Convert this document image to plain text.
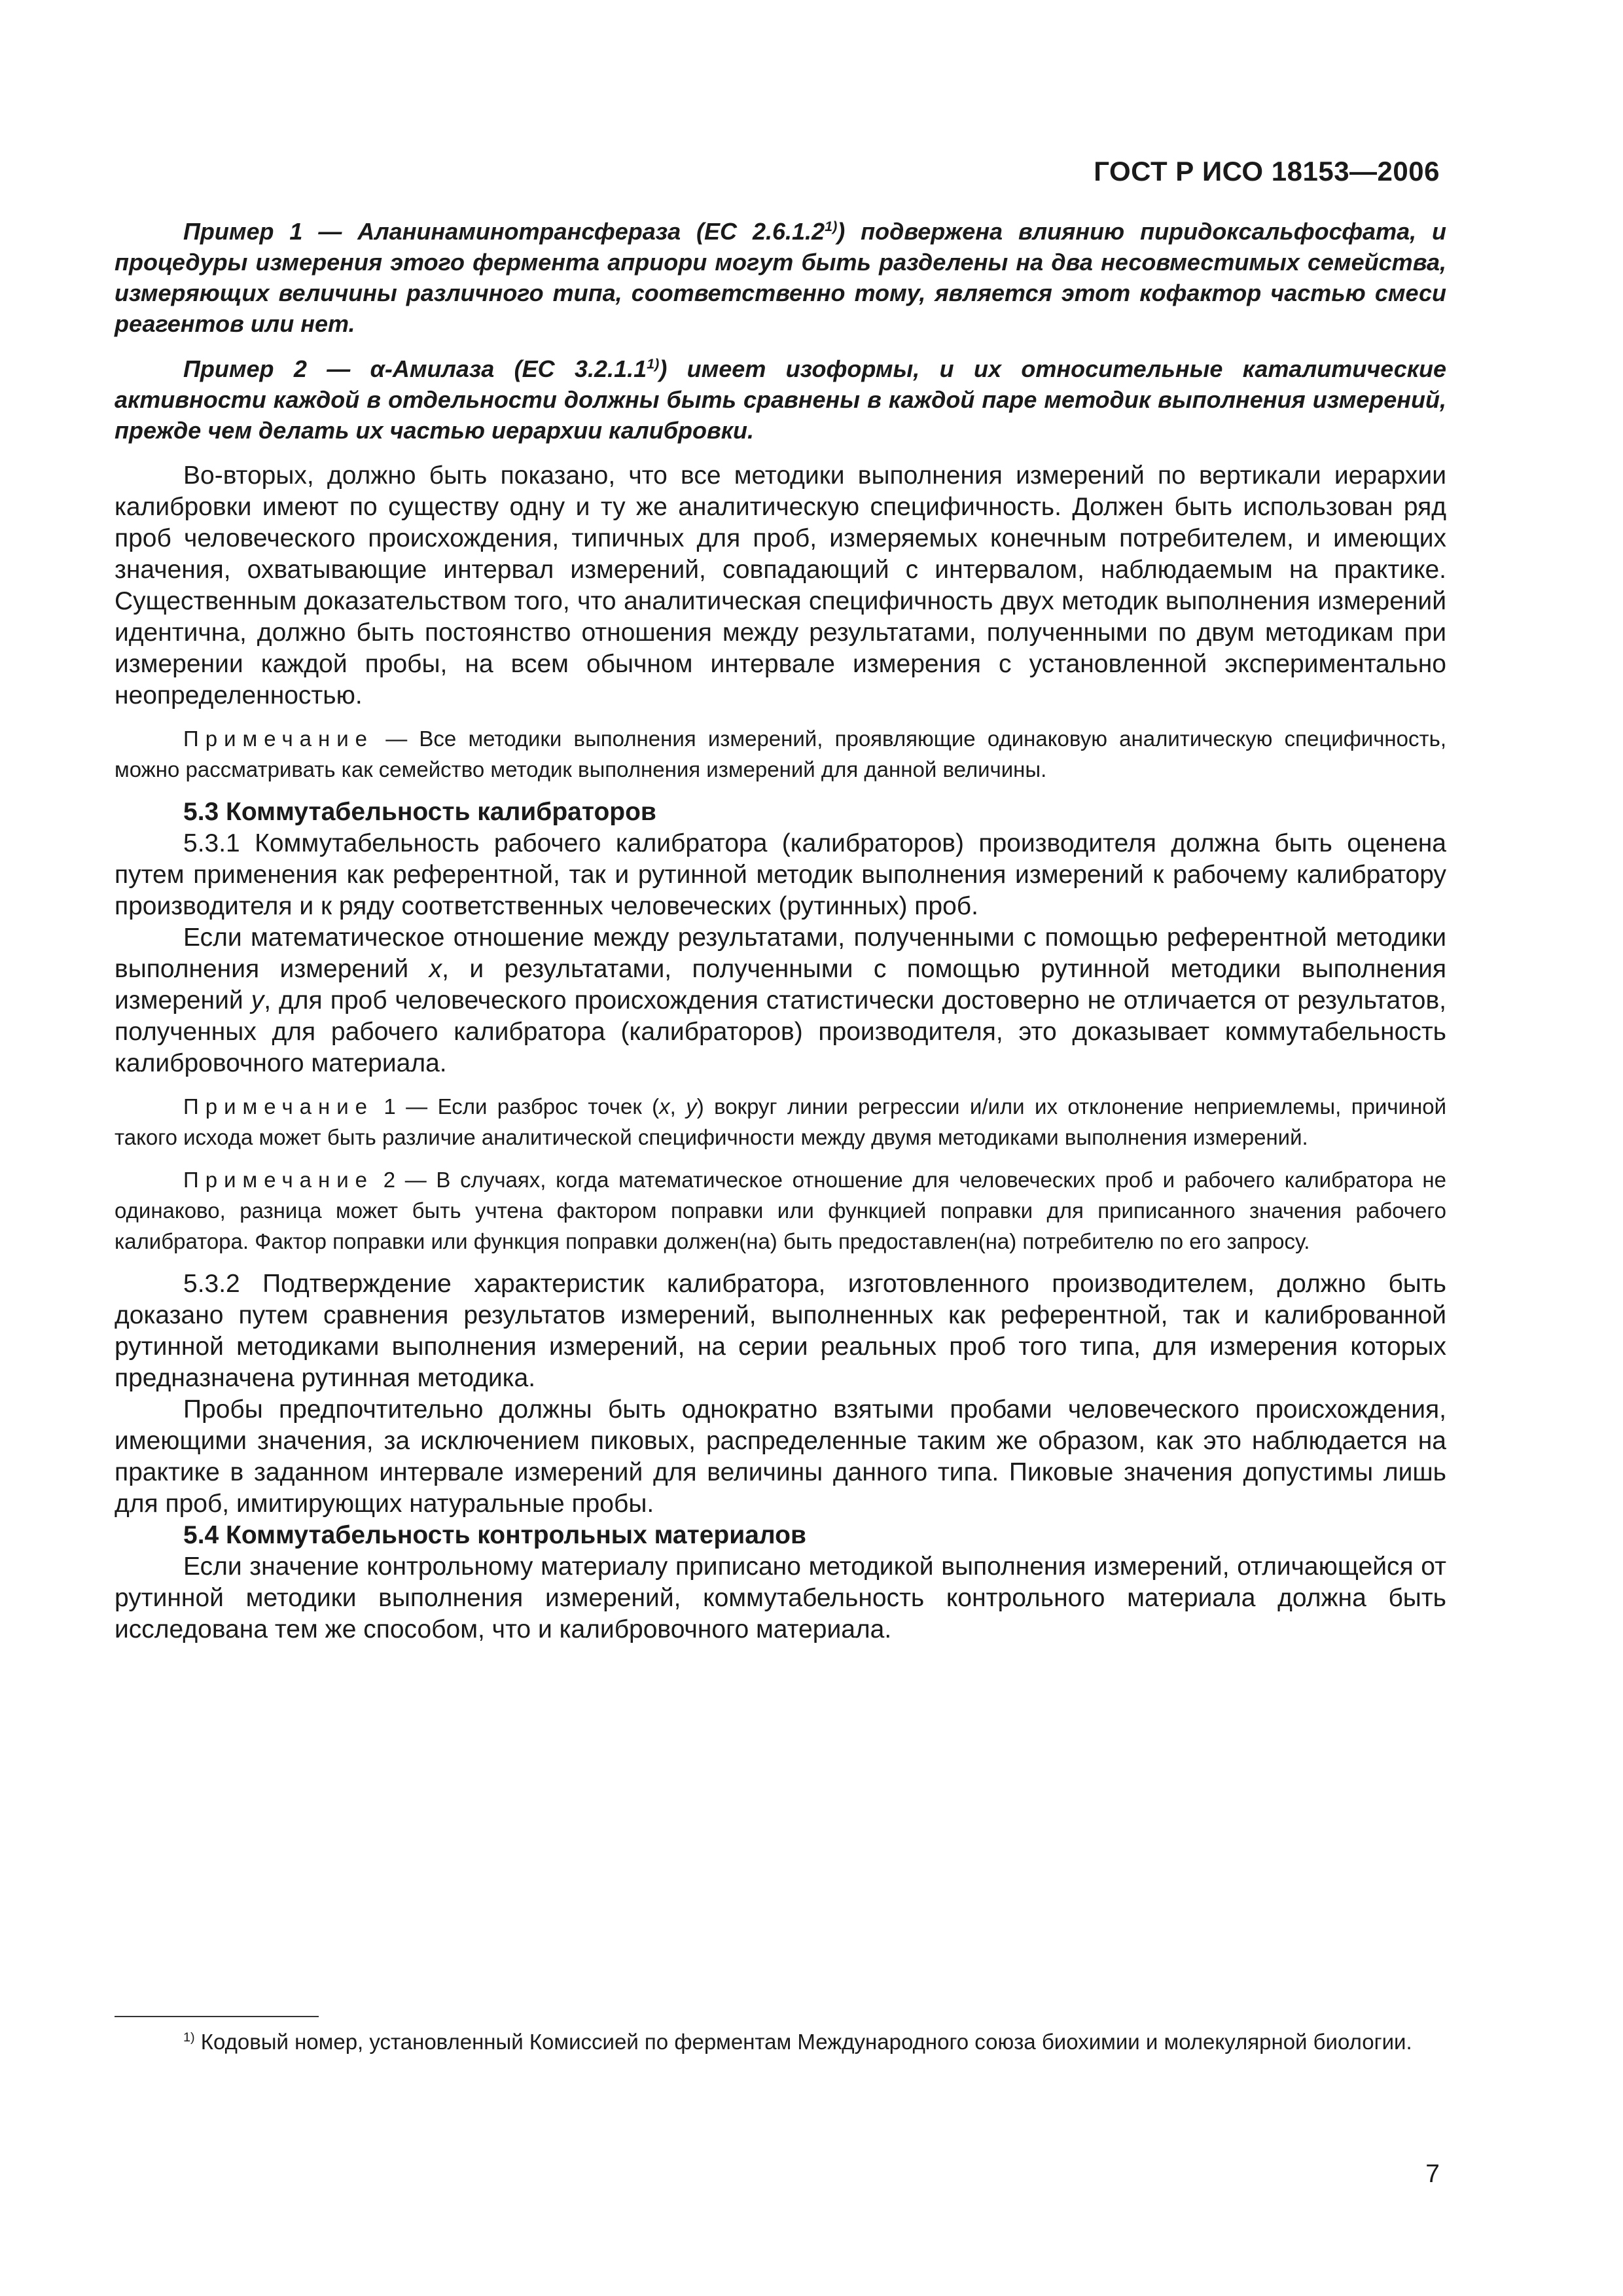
ГОСТ Р ИСО 18153—2006

Пример 1 — Аланинаминотрансфераза (ЕС 2.6.1.2$^{1)}$) подвержена влиянию пиридоксальфосфата, и процедуры измерения этого фермента априори могут быть разделены на два несовместимых семейства, измеряющих величины различного типа, соответственно тому, является этот кофактор частью смеси реагентов или нет.

Пример 2 — α-Амилаза (ЕС 3.2.1.1$^{1)}$) имеет изоформы, и их относительные каталитические активности каждой в отдельности должны быть сравнены в каждой паре методик выполнения измерений, прежде чем делать их частью иерархии калибровки.

Во-вторых, должно быть показано, что все методики выполнения измерений по вертикали иерархии калибровки имеют по существу одну и ту же аналитическую специфичность. Должен быть использован ряд проб человеческого происхождения, типичных для проб, измеряемых конечным потребителем, и имеющих значения, охватывающие интервал измерений, совпадающий с интервалом, наблюдаемым на практике. Существенным доказательством того, что аналитическая специфичность двух методик выполнения измерений идентична, должно быть постоянство отношения между результатами, полученными по двум методикам при измерении каждой пробы, на всем обычном интервале измерения с установленной экспериментально неопределенностью.

Примечание — Все методики выполнения измерений, проявляющие одинаковую аналитическую специфичность, можно рассматривать как семейство методик выполнения измерений для данной величины.

5.3 Коммутабельность калибраторов

5.3.1 Коммутабельность рабочего калибратора (калибраторов) производителя должна быть оценена путем применения как референтной, так и рутинной методик выполнения измерений к рабочему калибратору производителя и к ряду соответственных человеческих (рутинных) проб.

Если математическое отношение между результатами, полученными с помощью референтной методики выполнения измерений x, и результатами, полученными с помощью рутинной методики выполнения измерений y, для проб человеческого происхождения статистически достоверно не отличается от результатов, полученных для рабочего калибратора (калибраторов) производителя, это доказывает коммутабельность калибровочного материала.

Примечание 1 — Если разброс точек (x, y) вокруг линии регрессии и/или их отклонение неприемлемы, причиной такого исхода может быть различие аналитической специфичности между двумя методиками выполнения измерений.

Примечание 2 — В случаях, когда математическое отношение для человеческих проб и рабочего калибратора не одинаково, разница может быть учтена фактором поправки или функцией поправки для приписанного значения рабочего калибратора. Фактор поправки или функция поправки должен(на) быть предоставлен(на) потребителю по его запросу.

5.3.2 Подтверждение характеристик калибратора, изготовленного производителем, должно быть доказано путем сравнения результатов измерений, выполненных как референтной, так и калиброванной рутинной методиками выполнения измерений, на серии реальных проб того типа, для измерения которых предназначена рутинная методика.

Пробы предпочтительно должны быть однократно взятыми пробами человеческого происхождения, имеющими значения, за исключением пиковых, распределенные таким же образом, как это наблюдается на практике в заданном интервале измерений для величины данного типа. Пиковые значения допустимы лишь для проб, имитирующих натуральные пробы.

5.4 Коммутабельность контрольных материалов

Если значение контрольному материалу приписано методикой выполнения измерений, отличающейся от рутинной методики выполнения измерений, коммутабельность контрольного материала должна быть исследована тем же способом, что и калибровочного материала.

$^{1)}$ Кодовый номер, установленный Комиссией по ферментам Международного союза биохимии и молекулярной биологии.

7
